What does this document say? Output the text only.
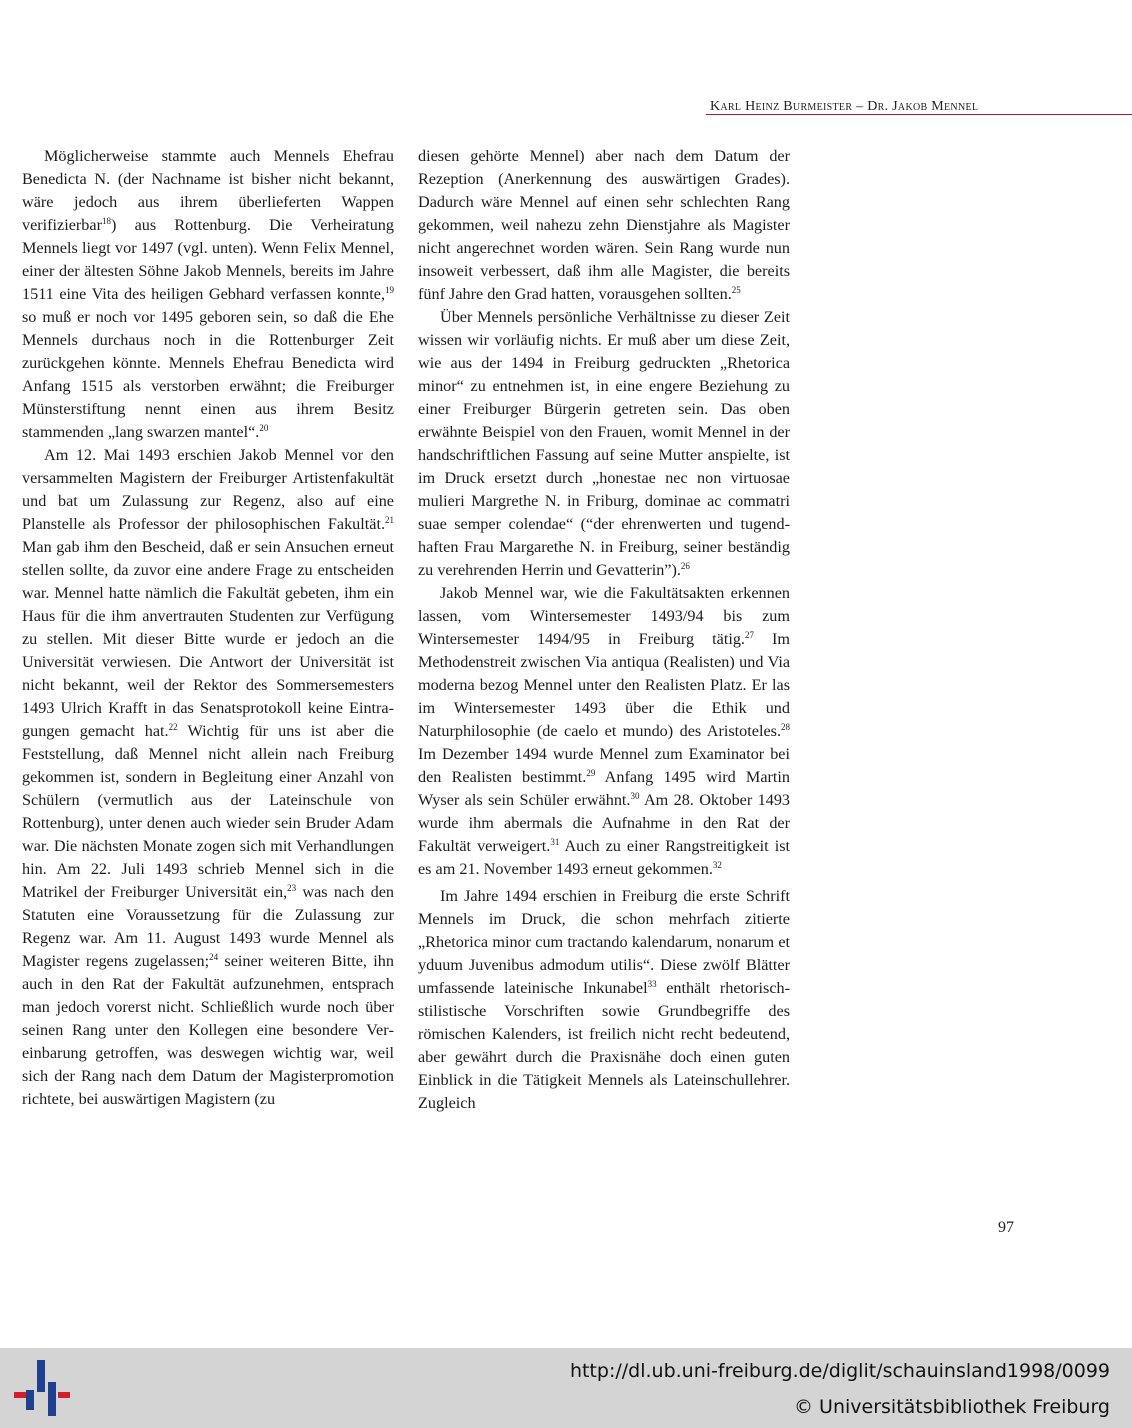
Karl Heinz Burmeister – Dr. Jakob Mennel

Möglicherweise stammte auch Mennels Ehefrau Benedicta N. (der Nachname ist bisher nicht bekannt, wäre jedoch aus ihrem überlieferten Wappen verifizierbar$^{18}$) aus Rottenburg. Die Verheiratung Mennels liegt vor 1497 (vgl. unten). Wenn Felix Mennel, einer der ältesten Söhne Jakob Mennels, bereits im Jahre 1511 eine Vita des heiligen Gebhard verfassen konnte,$^{19}$ so muß er noch vor 1495 geboren sein, so daß die Ehe Mennels durchaus noch in die Rottenburger Zeit zurückgehen könnte. Mennels Ehefrau Benedicta wird Anfang 1515 als verstorben erwähnt; die Freiburger Münsterstiftung nennt einen aus ihrem Besitz stammenden „lang swarzen mantel“.$^{20}$

Am 12. Mai 1493 erschien Jakob Mennel vor den versammelten Magistern der Freiburger Artistenfakultät und bat um Zulassung zur Regenz, also auf eine Planstelle als Professor der philosophischen Fakultät.$^{21}$ Man gab ihm den Bescheid, daß er sein Ansuchen erneut stellen sollte, da zuvor eine andere Frage zu entscheiden war. Mennel hatte nämlich die Fakultät gebeten, ihm ein Haus für die ihm anvertrauten Studenten zur Verfügung zu stellen. Mit dieser Bitte wurde er jedoch an die Universität verwiesen. Die Antwort der Universität ist nicht bekannt, weil der Rektor des Sommersemesters 1493 Ulrich Krafft in das Senatsprotokoll keine Eintragungen gemacht hat.$^{22}$ Wichtig für uns ist aber die Feststellung, daß Mennel nicht allein nach Freiburg gekommen ist, sondern in Begleitung einer Anzahl von Schülern (vermutlich aus der Lateinschule von Rottenburg), unter denen auch wieder sein Bruder Adam war. Die nächsten Monate zogen sich mit Verhandlungen hin. Am 22. Juli 1493 schrieb Mennel sich in die Matrikel der Freiburger Universität ein,$^{23}$ was nach den Statuten eine Voraussetzung für die Zulassung zur Regenz war. Am 11. August 1493 wurde Mennel als Magister regens zugelassen;$^{24}$ seiner weiteren Bitte, ihn auch in den Rat der Fakultät aufzunehmen, entsprach man jedoch vorerst nicht. Schließlich wurde noch über seinen Rang unter den Kollegen eine besondere Vereinbarung getroffen, was deswegen wichtig war, weil sich der Rang nach dem Datum der Magisterpromotion richtete, bei auswärtigen Magistern (zu

diesen gehörte Mennel) aber nach dem Datum der Rezeption (Anerkennung des auswärtigen Grades). Dadurch wäre Mennel auf einen sehr schlechten Rang gekommen, weil nahezu zehn Dienstjahre als Magister nicht angerechnet worden wären. Sein Rang wurde nun insoweit verbessert, daß ihm alle Magister, die bereits fünf Jahre den Grad hatten, vorausgehen sollten.$^{25}$

Über Mennels persönliche Verhältnisse zu dieser Zeit wissen wir vorläufig nichts. Er muß aber um diese Zeit, wie aus der 1494 in Freiburg gedruckten „Rhetorica minor“ zu entnehmen ist, in eine engere Beziehung zu einer Freiburger Bürgerin getreten sein. Das oben erwähnte Beispiel von den Frauen, womit Mennel in der handschriftlichen Fassung auf seine Mutter anspielte, ist im Druck ersetzt durch „honestae nec non virtuosae mulieri Margrethe N. in Friburg, dominae ac commatri suae semper colendae“ (“der ehrenwerten und tugendhaften Frau Margarethe N. in Freiburg, seiner beständig zu verehrenden Herrin und Gevatterin”).$^{26}$

Jakob Mennel war, wie die Fakultätsakten erkennen lassen, vom Wintersemester 1493/94 bis zum Wintersemester 1494/95 in Freiburg tätig.$^{27}$ Im Methodenstreit zwischen Via antiqua (Realisten) und Via moderna bezog Mennel unter den Realisten Platz. Er las im Wintersemester 1493 über die Ethik und Naturphilosophie (de caelo et mundo) des Aristoteles.$^{28}$ Im Dezember 1494 wurde Mennel zum Examinator bei den Realisten bestimmt.$^{29}$ Anfang 1495 wird Martin Wyser als sein Schüler erwähnt.$^{30}$ Am 28. Oktober 1493 wurde ihm abermals die Aufnahme in den Rat der Fakultät verweigert.$^{31}$ Auch zu einer Rangstreitigkeit ist es am 21. November 1493 erneut gekommen.$^{32}$

Im Jahre 1494 erschien in Freiburg die erste Schrift Mennels im Druck, die schon mehrfach zitierte „Rhetorica minor cum tractando kalendarum, nonarum et yduum Juvenibus admodum utilis“. Diese zwölf Blätter umfassende lateinische Inkunabel$^{33}$ enthält rhetorisch-stilistische Vorschriften sowie Grundbegriffe des römischen Kalenders, ist freilich nicht recht bedeutend, aber gewährt durch die Praxisnähe doch einen guten Einblick in die Tätigkeit Mennels als Lateinschullehrer. Zugleich

97
http://dl.ub.uni-freiburg.de/diglit/schauinsland1998/0099
© Universitätsbibliothek Freiburg
